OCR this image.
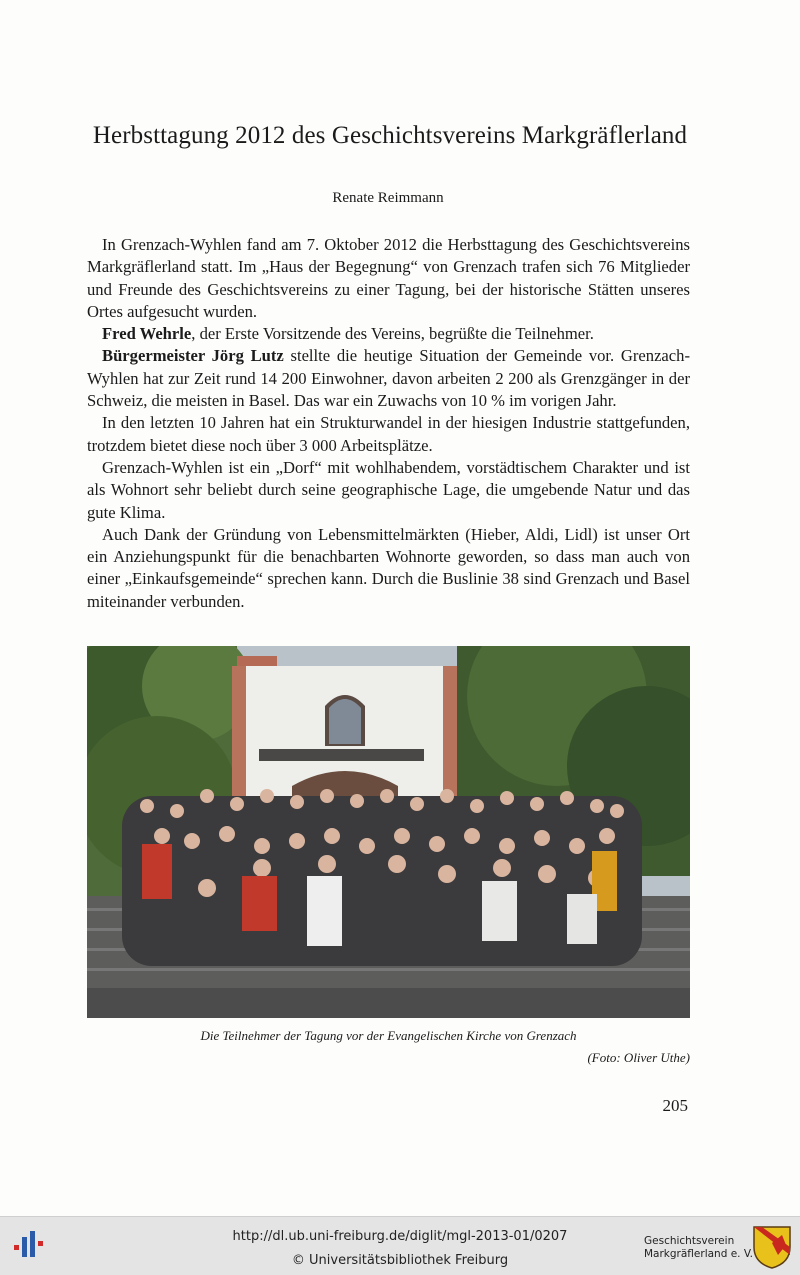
Herbsttagung 2012 des Geschichtsvereins Markgräflerland
Renate Reimmann

In Grenzach-Wyhlen fand am 7. Oktober 2012 die Herbsttagung des Geschichtsvereins Markgräflerland statt. Im „Haus der Begegnung“ von Grenzach trafen sich 76 Mitglieder und Freunde des Geschichtsvereins zu einer Tagung, bei der historische Stätten unseres Ortes aufgesucht wurden.

Fred Wehrle, der Erste Vorsitzende des Vereins, begrüßte die Teilnehmer.

Bürgermeister Jörg Lutz stellte die heutige Situation der Gemeinde vor. Grenzach-Wyhlen hat zur Zeit rund 14 200 Einwohner, davon arbeiten 2 200 als Grenzgänger in der Schweiz, die meisten in Basel. Das war ein Zuwachs von 10 % im vorigen Jahr.

In den letzten 10 Jahren hat ein Strukturwandel in der hiesigen Industrie stattgefunden, trotzdem bietet diese noch über 3 000 Arbeitsplätze.

Grenzach-Wyhlen ist ein „Dorf“ mit wohlhabendem, vorstädtischem Charakter und ist als Wohnort sehr beliebt durch seine geographische Lage, die umgebende Natur und das gute Klima.

Auch Dank der Gründung von Lebensmittelmärkten (Hieber, Aldi, Lidl) ist unser Ort ein Anziehungspunkt für die benachbarten Wohnorte geworden, so dass man auch von einer „Einkaufsgemeinde“ sprechen kann. Durch die Buslinie 38 sind Grenzach und Basel miteinander verbunden.

Die Teilnehmer der Tagung vor der Evangelischen Kirche von Grenzach
(Foto: Oliver Uthe)
205
http://dl.ub.uni-freiburg.de/diglit/mgl-2013-01/0207
© Universitätsbibliothek Freiburg
Geschichtsverein
Markgräflerland e. V.
